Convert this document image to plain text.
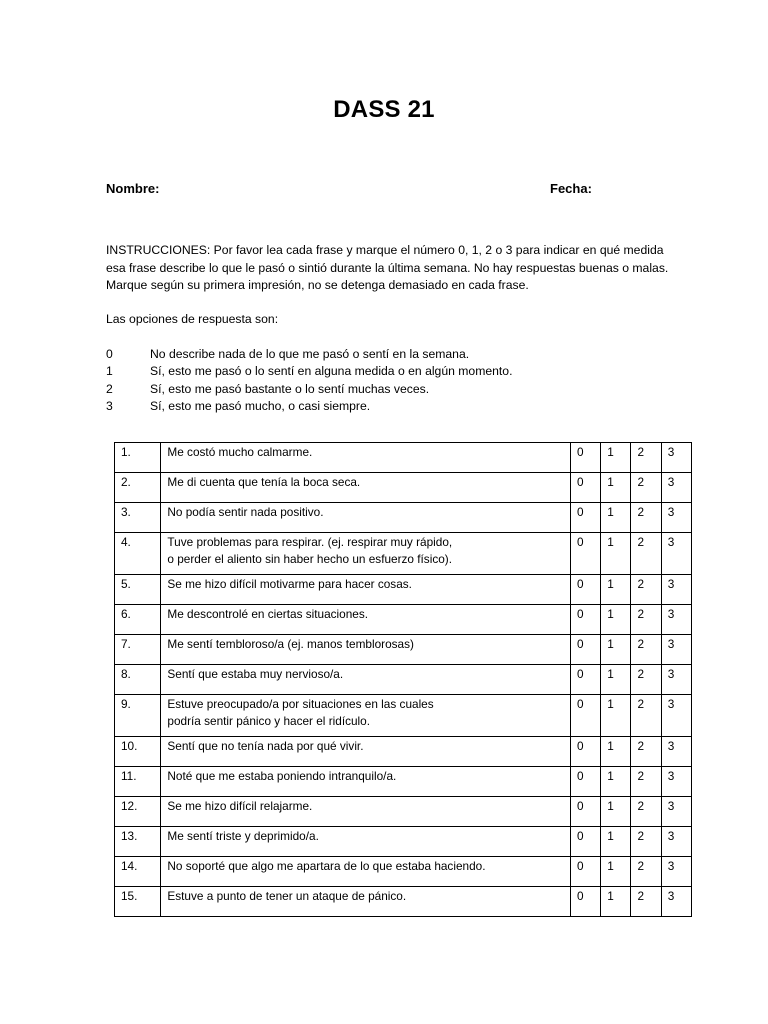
DASS 21
Nombre:	Fecha:

INSTRUCCIONES: Por favor lea cada frase y marque el número 0, 1, 2 o 3 para indicar en qué medida

esa frase describe lo que le pasó o sintió durante la última semana. No hay respuestas buenas o malas.

Marque según su primera impresión, no se detenga demasiado en cada frase.

Las opciones de respuesta son:
0	No describe nada de lo que me pasó o sentí en la semana.
1	Sí, esto me pasó o lo sentí en alguna medida o en algún momento.
2	Sí, esto me pasó bastante o lo sentí muchas veces.
3	Sí, esto me pasó mucho, o casi siempre.
1.	Me costó mucho calmarme.	0	1	2	3
2.	Me di cuenta que tenía la boca seca.	0	1	2	3
3.	No podía sentir nada positivo.	0	1	2	3
4.	Tuve problemas para respirar. (ej. respirar muy rápido,
o perder el aliento sin haber hecho un esfuerzo físico).	0	1	2	3
5.	Se me hizo difícil motivarme para hacer cosas.	0	1	2	3
6.	Me descontrolé en ciertas situaciones.	0	1	2	3
7.	Me sentí tembloroso/a (ej. manos temblorosas)	0	1	2	3
8.	Sentí que estaba muy nervioso/a.	0	1	2	3
9.	Estuve preocupado/a por situaciones en las cuales
podría sentir pánico y hacer el ridículo.	0	1	2	3
10.	Sentí que no tenía nada por qué vivir.	0	1	2	3
11.	Noté que me estaba poniendo intranquilo/a.	0	1	2	3
12.	Se me hizo difícil relajarme.	0	1	2	3
13.	Me sentí triste y deprimido/a.	0	1	2	3
14.	No soporté que algo me apartara de lo que estaba haciendo.	0	1	2	3
15.	Estuve a punto de tener un ataque de pánico.	0	1	2	3
